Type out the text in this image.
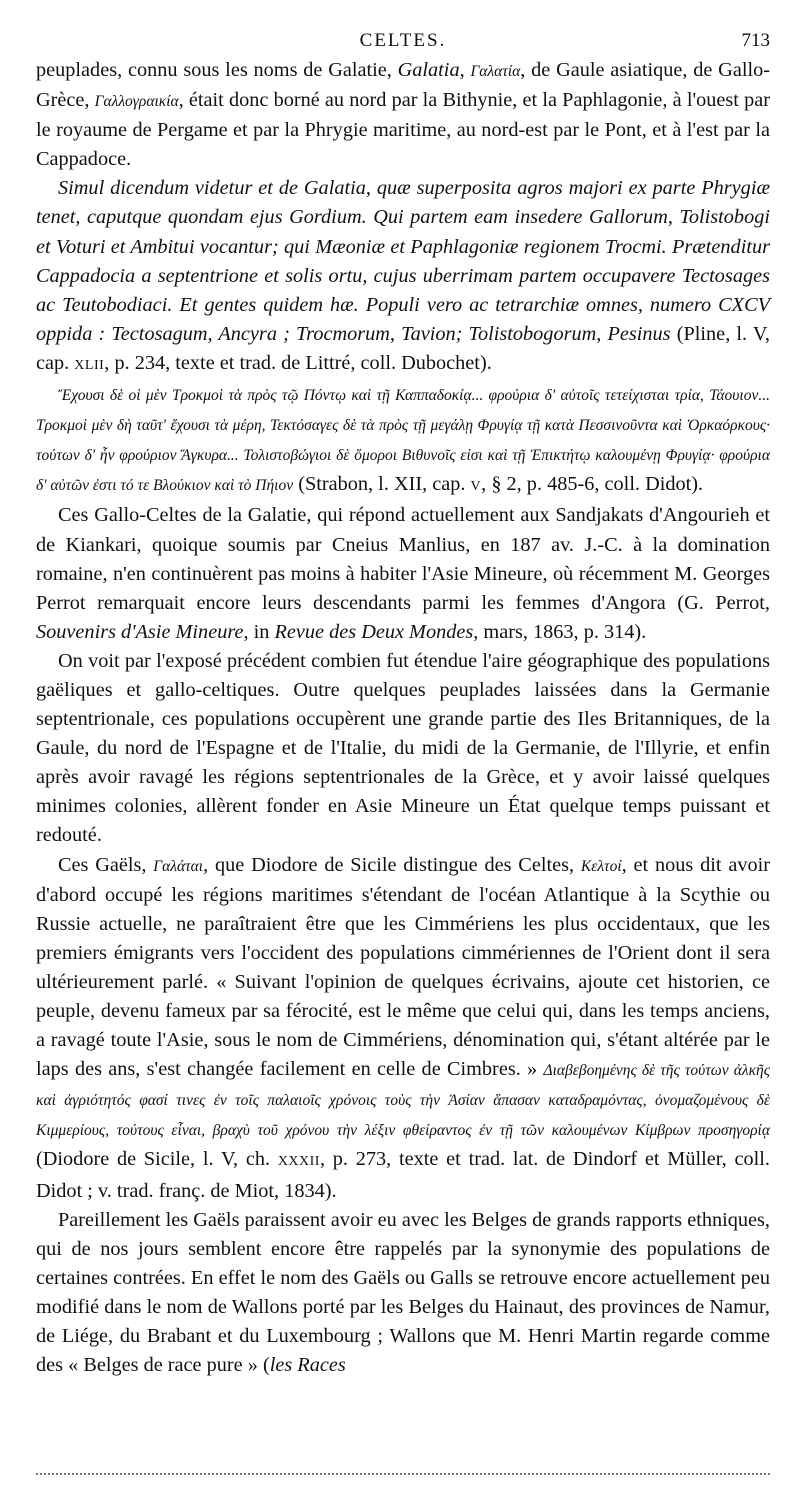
CELTES.	713

peuplades, connu sous les noms de Galatie, Galatia, Γαλατία, de Gaule asiatique, de Gallo-Grèce, Γαλλογραικία, était donc borné au nord par la Bithynie, et la Paphlagonie, à l'ouest par le royaume de Pergame et par la Phrygie maritime, au nord-est par le Pont, et à l'est par la Cappadoce.

Simul dicendum videtur et de Galatia, quæ superposita agros majori ex parte Phrygiæ tenet, caputque quondam ejus Gordium. Qui partem eam insedere Gallorum, Tolistobogi et Voturi et Ambitui vocantur; qui Mæoniæ et Paphlagoniæ regionem Trocmi. Prætenditur Cappadocia a septentrione et solis ortu, cujus uberrimam partem occupavere Tectosages ac Teutobodiaci. Et gentes quidem hæ. Populi vero ac tetrarchiæ omnes, numero CXCV oppida : Tectosagum, Ancyra ; Trocmorum, Tavion; Tolistobogorum, Pesinus (Pline, l. V, cap. XLII, p. 234, texte et trad. de Littré, coll. Dubochet).

Ἔχουσι δὲ οἱ μὲν Τροκμοὶ τὰ πρὸς τῷ Πόντῳ καὶ τῇ Καππαδοκίᾳ... φρούρια δ' αὐτοῖς τετείχισται τρία, Τάουιον... Τροκμοὶ μὲν δὴ ταῦτ' ἔχουσι τὰ μέρη, Τεκτόσαγες δὲ τὰ πρὸς τῇ μεγάλῃ Φρυγίᾳ τῇ κατὰ Πεσσινοῦντα καὶ Ὀρκαόρκους· τούτων δ' ἦν φρούριον Ἄγκυρα... Τολιστοβώγιοι δὲ ὅμοροι Βιθυνοῖς εἰσι καὶ τῇ Ἐπικτήτῳ καλουμένῃ Φρυγίᾳ· φρούρια δ' αὐτῶν ἐστι τό τε Βλούκιον καὶ τὸ Πήιον (Strabon, l. XII, cap. V, § 2, p. 485-6, coll. Didot).

Ces Gallo-Celtes de la Galatie, qui répond actuellement aux Sandjakats d'Angourieh et de Kiankari, quoique soumis par Cneius Manlius, en 187 av. J.-C. à la domination romaine, n'en continuèrent pas moins à habiter l'Asie Mineure, où récemment M. Georges Perrot remarquait encore leurs descendants parmi les femmes d'Angora (G. Perrot, Souvenirs d'Asie Mineure, in Revue des Deux Mondes, mars, 1863, p. 314).

On voit par l'exposé précédent combien fut étendue l'aire géographique des populations gaëliques et gallo-celtiques. Outre quelques peuplades laissées dans la Germanie septentrionale, ces populations occupèrent une grande partie des Iles Britanniques, de la Gaule, du nord de l'Espagne et de l'Italie, du midi de la Germanie, de l'Illyrie, et enfin après avoir ravagé les régions septentrionales de la Grèce, et y avoir laissé quelques minimes colonies, allèrent fonder en Asie Mineure un État quelque temps puissant et redouté.

Ces Gaëls, Γαλάται, que Diodore de Sicile distingue des Celtes, Κελτοί, et nous dit avoir d'abord occupé les régions maritimes s'étendant de l'océan Atlantique à la Scythie ou Russie actuelle, ne paraîtraient être que les Cimmériens les plus occidentaux, que les premiers émigrants vers l'occident des populations cimmériennes de l'Orient dont il sera ultérieurement parlé. « Suivant l'opinion de quelques écrivains, ajoute cet historien, ce peuple, devenu fameux par sa férocité, est le même que celui qui, dans les temps anciens, a ravagé toute l'Asie, sous le nom de Cimmériens, dénomination qui, s'étant altérée par le laps des ans, s'est changée facilement en celle de Cimbres. » Διαβεβοημένης δὲ τῆς τούτων ἀλκῆς καὶ ἀγριότητός φασί τινες ἐν τοῖς παλαιοῖς χρόνοις τοὺς τὴν Ἀσίαν ἅπασαν καταδραμόντας, ὀνομαζομένους δὲ Κιμμερίους, τούτους εἶναι, βραχὺ τοῦ χρόνου τὴν λέξιν φθείραντος ἐν τῇ τῶν καλουμένων Κίμβρων προσηγορίᾳ (Diodore de Sicile, l. V, ch. XXXII, p. 273, texte et trad. lat. de Dindorf et Müller, coll. Didot ; v. trad. franç. de Miot, 1834).

Pareillement les Gaëls paraissent avoir eu avec les Belges de grands rapports ethniques, qui de nos jours semblent encore être rappelés par la synonymie des populations de certaines contrées. En effet le nom des Gaëls ou Galls se retrouve encore actuellement peu modifié dans le nom de Wallons porté par les Belges du Hainaut, des provinces de Namur, de Liége, du Brabant et du Luxembourg ; Wallons que M. Henri Martin regarde comme des « Belges de race pure » (les Races
